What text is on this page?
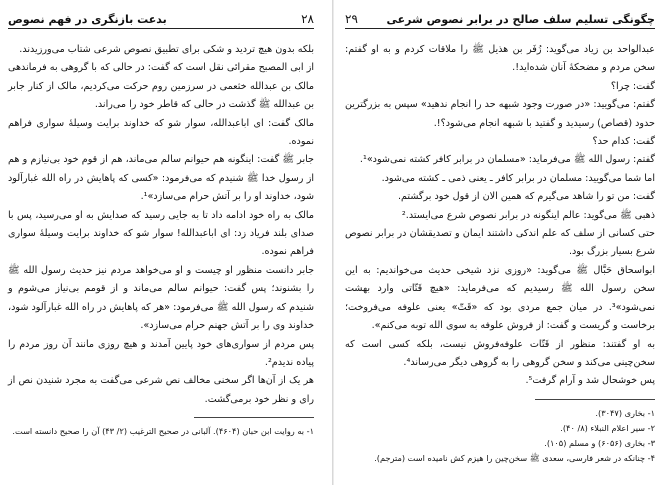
چگونگی تسلیم سلف صالح در برابر نصوص شرعی
۲۹

عبدالواحد بن زیاد می‌گوید: زُفَر بن هذیل ﷺ را ملاقات کردم و به او گفتم: سخن مردم و مضحکهٔ آنان شده‌اید!.

گفت: چرا؟

گفتم: می‌گویید: «در صورت وجود شبهه حد را انجام ندهید» سپس به بزرگترین حدود (قصاص) رسیدید و گفتید با شبهه انجام می‌شود؟!.

گفت: کدام حد؟

گفتم: رسول الله ﷺ می‌فرماید: «مسلمان در برابر کافر کشته نمی‌شود»¹.

اما شما می‌گویید: مسلمان در برابر کافر ـ یعنی ذمی ـ کشته می‌شود.

گفت: من تو را شاهد می‌گیرم که همین الان از قول خود برگشتم.

ذهبی ﷺ می‌گوید: عالم اینگونه در برابر نصوص شرع می‌ایستد.²

حتی کسانی از سلف که علم اندکی داشتند ایمان و تصدیقشان در برابر نصوص شرع بسیار بزرگ بود.

ابواسحاق حَبَّال ﷺ می‌گوید: «روزی نزد شیخی حدیث می‌خواندیم: به این سخن رسول الله ﷺ رسیدیم که می‌فرماید: «هیچ قَتّاتی وارد بهشت نمی‌شود»³. در میان جمع مردی بود که «قَتّ» یعنی علوفه می‌فروخت؛ برخاست و گریست و گفت: از فروش علوفه به سوی الله توبه می‌کنم».

به او گفتند: منظور از قَتّات علوفه‌فروش نیست، بلکه کسی است که سخن‌چینی می‌کند و سخن گروهی را به گروهی دیگر می‌رساند⁴.

پس خوشحال شد و آرام گرفت⁵.

۱- بخاری (۳۰۴۷).

۲- سیر اعلام النبلاء (۸/ ۴۰).

۳- بخاری (۶۰۵۶) و مسلم (۱۰۵).

۴- چنانکه در شعر فارسی، سعدی ﷺ سخن‌چین را هیزم کش نامیده است (مترجم).

۲۸
بدعت بازنگری در فهم نصوص

بلکه بدون هیچ تردید و شکی برای تطبیق نصوص شرعی شتاب می‌ورزیدند.

از ابی المصبح مقرائی نقل است که گفت: در حالی که با گروهی به فرماندهی مالک بن عبدالله خثعمی در سرزمین روم حرکت می‌کردیم، مالک از کنار جابر بن عبدالله ﷺ گذشت در حالی که قاطر خود را می‌راند.

مالک گفت: ای اباعبدالله، سوار شو که خداوند برایت وسیلهٔ سواری فراهم نموده.

جابر ﷺ گفت: اینگونه هم حیوانم سالم می‌ماند، هم از قوم خود بی‌نیازم و هم از رسول خدا ﷺ شنیدم که می‌فرمود: «کسی که پاهایش در راه الله غبارآلود شود، خداوند او را بر آتش حرام می‌سازد»¹.

مالک به راه خود ادامه داد تا به جایی رسید که صدایش به او می‌رسید، پس با صدای بلند فریاد زد: ای اباعبدالله! سوار شو که خداوند برایت وسیلهٔ سواری فراهم نموده.

جابر دانست منظور او چیست و او می‌خواهد مردم نیز حدیث رسول الله ﷺ را بشنوند؛ پس گفت: حیوانم سالم می‌ماند و از قومم بی‌نیاز می‌شوم و شنیدم که رسول الله ﷺ می‌فرمود: «هر که پاهایش در راه الله غبارآلود شود، خداوند وی را بر آتش جهنم حرام می‌سازد».

پس مردم از سواری‌های خود پایین آمدند و هیچ روزی مانند آن روز مردم را پیاده ندیدم².

هر یک از آن‌ها اگر سخنی مخالف نص شرعی می‌گفت به مجرد شنیدن نص از رای و نظر خود برمی‌گشت.

۱- به روایت ابن حبان (۴۶۰۴). آلبانی در صحیح الترغیب (۲/ ۴۳) آن را صحیح دانسته است.
